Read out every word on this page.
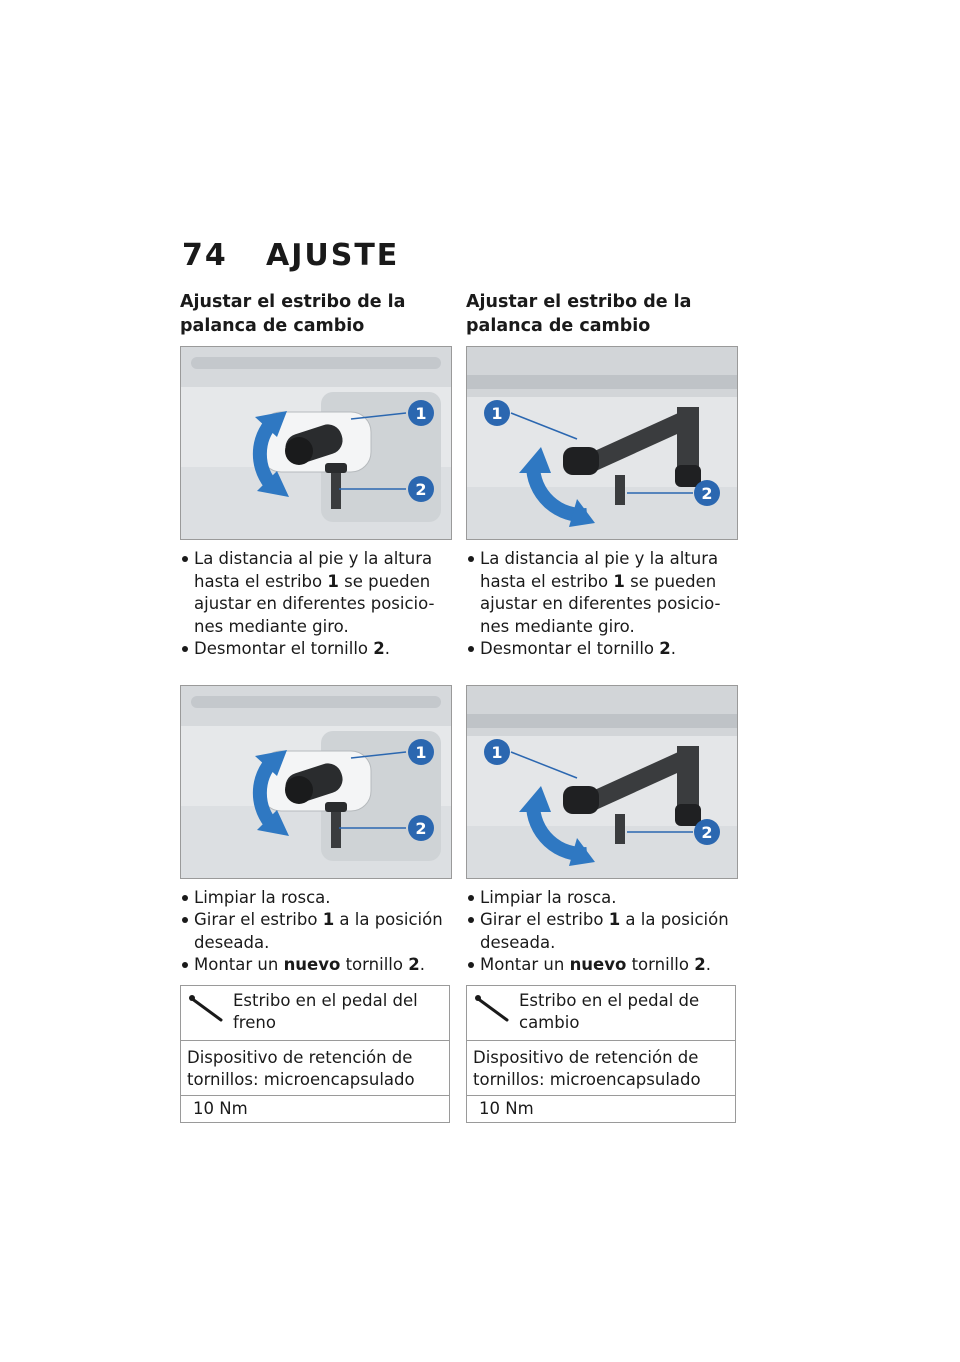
74 AJUSTE
Ajustar el estribo de la palanca de cambio
1
2
La distancia al pie y la altura hasta el estribo 1 se pueden ajustar en diferentes posicio-nes mediante giro.
Desmontar el tornillo 2.
1
2
Limpiar la rosca.
Girar el estribo 1 a la posición deseada.
Montar un nuevo tornillo 2.
Estribo en el pedal del freno
Dispositivo de retención de tornillos: microencapsulado
10 Nm
Ajustar el estribo de la palanca de cambio
1
2
La distancia al pie y la altura hasta el estribo 1 se pueden ajustar en diferentes posicio-nes mediante giro.
Desmontar el tornillo 2.
1
2
Limpiar la rosca.
Girar el estribo 1 a la posición deseada.
Montar un nuevo tornillo 2.
Estribo en el pedal de cambio
Dispositivo de retención de tornillos: microencapsulado
10 Nm
